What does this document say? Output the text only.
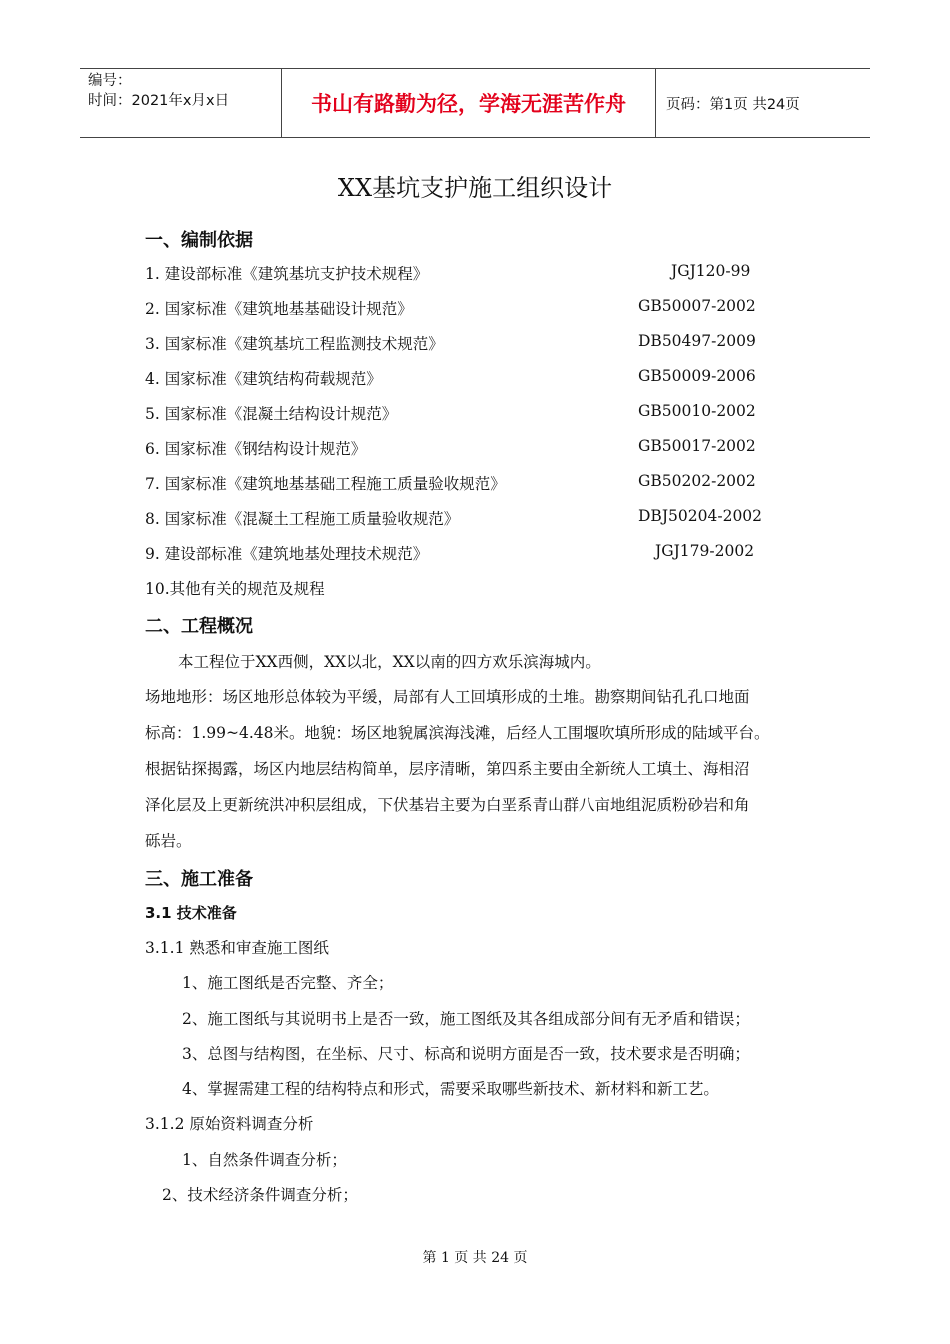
编号：
时间：2021年x月x日	书山有路勤为径，学海无涯苦作舟	页码：第1页 共24页
XX基坑支护施工组织设计
一、编制依据
1. 建设部标准《建筑基坑支护技术规程》	JGJ120-99
2. 国家标准《建筑地基基础设计规范》	GB50007-2002
3. 国家标准《建筑基坑工程监测技术规范》	DB50497-2009
4. 国家标准《建筑结构荷载规范》	GB50009-2006
5. 国家标准《混凝土结构设计规范》	GB50010-2002
6. 国家标准《钢结构设计规范》	GB50017-2002
7. 国家标准《建筑地基基础工程施工质量验收规范》	GB50202-2002
8. 国家标准《混凝土工程施工质量验收规范》	DBJ50204-2002
9. 建设部标准《建筑地基处理技术规范》	JGJ179-2002
10.其他有关的规范及规程
二、工程概况
本工程位于XX西侧，XX以北，XX以南的四方欢乐滨海城内。
场地地形：场区地形总体较为平缓，局部有人工回填形成的土堆。勘察期间钻孔孔口地面
标高：1.99~4.48米。地貌：场区地貌属滨海浅滩，后经人工围堰吹填所形成的陆域平台。
根据钻探揭露，场区内地层结构简单，层序清晰，第四系主要由全新统人工填土、海相沼
泽化层及上更新统洪冲积层组成，下伏基岩主要为白垩系青山群八亩地组泥质粉砂岩和角
砾岩。
三、施工准备
3.1 技术准备
3.1.1 熟悉和审查施工图纸
1、施工图纸是否完整、齐全；
2、施工图纸与其说明书上是否一致，施工图纸及其各组成部分间有无矛盾和错误；
3、总图与结构图，在坐标、尺寸、标高和说明方面是否一致，技术要求是否明确；
4、掌握需建工程的结构特点和形式，需要采取哪些新技术、新材料和新工艺。
3.1.2 原始资料调查分析
1、自然条件调查分析；
2、技术经济条件调查分析；
第 1 页 共 24 页
